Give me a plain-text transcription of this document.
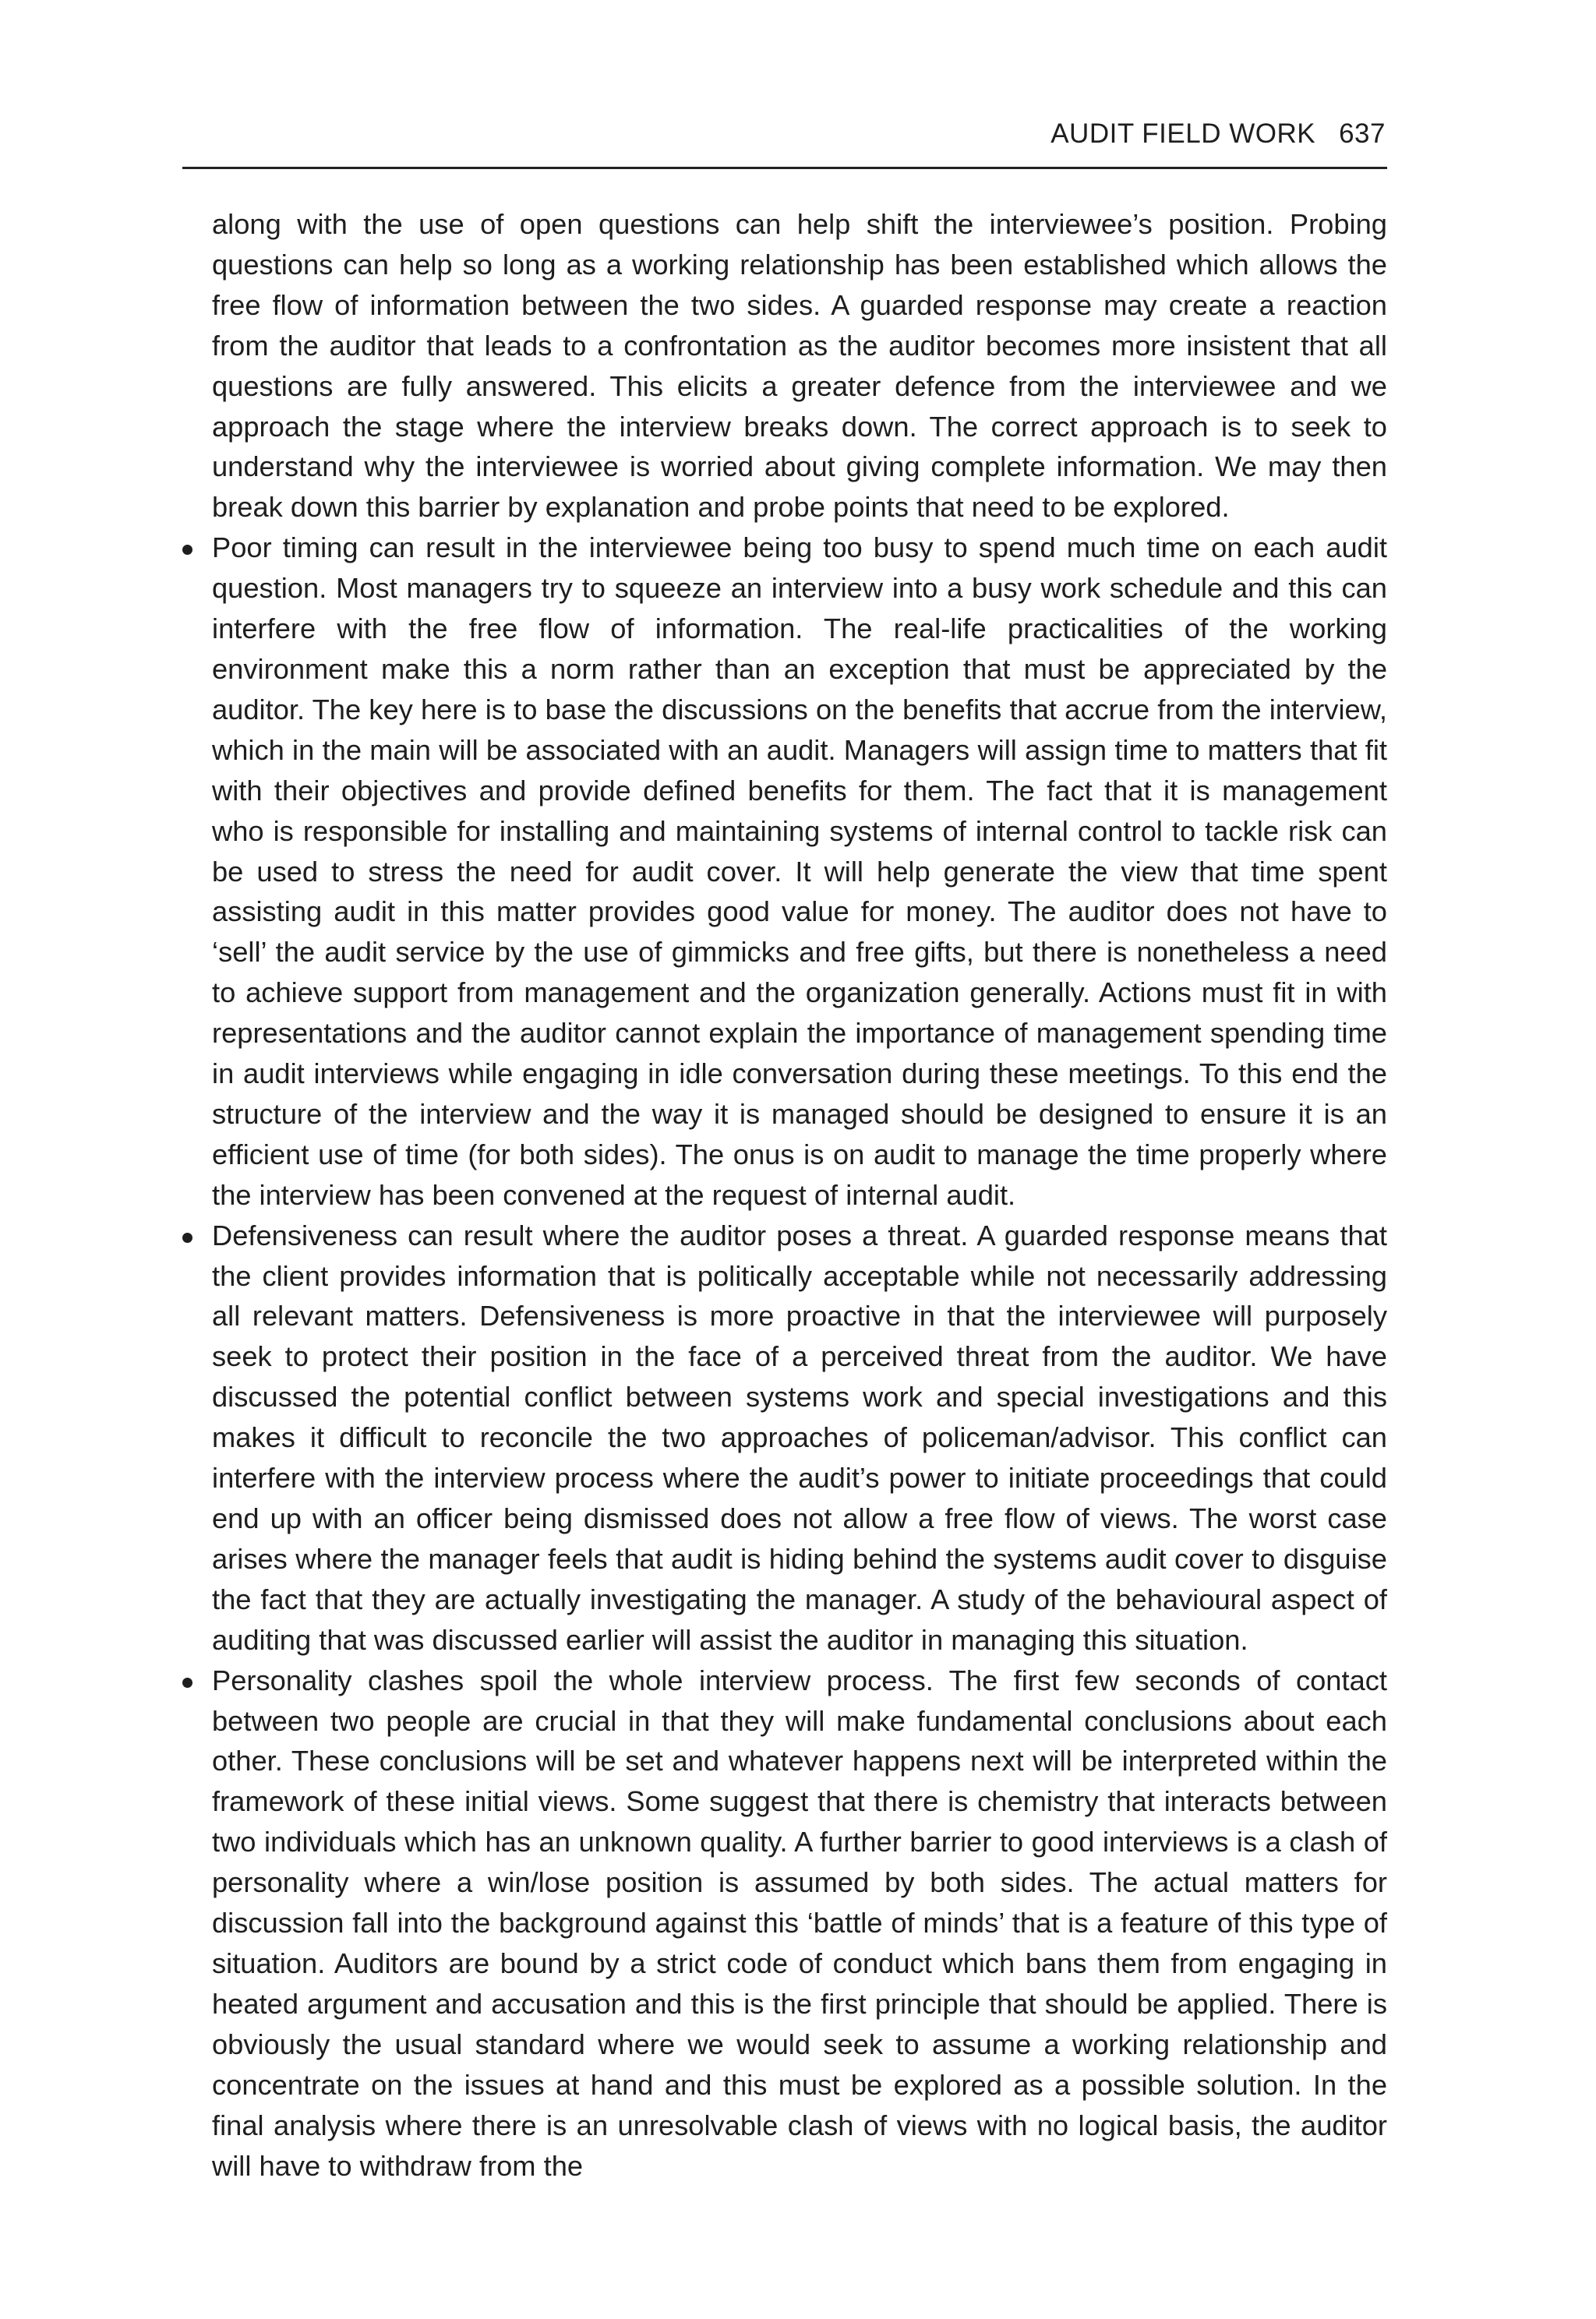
AUDIT FIELD WORK 637

along with the use of open questions can help shift the interviewee’s position. Probing questions can help so long as a working relationship has been established which allows the free flow of information between the two sides. A guarded response may create a reaction from the auditor that leads to a confrontation as the auditor becomes more insistent that all questions are fully answered. This elicits a greater defence from the interviewee and we approach the stage where the interview breaks down. The correct approach is to seek to understand why the interviewee is worried about giving complete information. We may then break down this barrier by explanation and probe points that need to be explored.

Poor timing can result in the interviewee being too busy to spend much time on each audit question. Most managers try to squeeze an interview into a busy work schedule and this can interfere with the free flow of information. The real-life practicalities of the working environment make this a norm rather than an exception that must be appreciated by the auditor. The key here is to base the discussions on the benefits that accrue from the interview, which in the main will be associated with an audit. Managers will assign time to matters that fit with their objectives and provide defined benefits for them. The fact that it is management who is responsible for installing and maintaining systems of internal control to tackle risk can be used to stress the need for audit cover. It will help generate the view that time spent assisting audit in this matter provides good value for money. The auditor does not have to ‘sell’ the audit service by the use of gimmicks and free gifts, but there is nonetheless a need to achieve support from management and the organization generally. Actions must fit in with representations and the auditor cannot explain the importance of management spending time in audit interviews while engaging in idle conversation during these meetings. To this end the structure of the interview and the way it is managed should be designed to ensure it is an efficient use of time (for both sides). The onus is on audit to manage the time properly where the interview has been convened at the request of internal audit.
Defensiveness can result where the auditor poses a threat. A guarded response means that the client provides information that is politically acceptable while not necessarily addressing all relevant matters. Defensiveness is more proactive in that the interviewee will purposely seek to protect their position in the face of a perceived threat from the auditor. We have discussed the potential conflict between systems work and special investigations and this makes it difficult to reconcile the two approaches of policeman/advisor. This conflict can interfere with the interview process where the audit’s power to initiate proceedings that could end up with an officer being dismissed does not allow a free flow of views. The worst case arises where the manager feels that audit is hiding behind the systems audit cover to disguise the fact that they are actually investigating the manager. A study of the behavioural aspect of auditing that was discussed earlier will assist the auditor in managing this situation.
Personality clashes spoil the whole interview process. The first few seconds of contact between two people are crucial in that they will make fundamental conclusions about each other. These conclusions will be set and whatever happens next will be interpreted within the framework of these initial views. Some suggest that there is chemistry that interacts between two individuals which has an unknown quality. A further barrier to good interviews is a clash of personality where a win/lose position is assumed by both sides. The actual matters for discussion fall into the background against this ‘battle of minds’ that is a feature of this type of situation. Auditors are bound by a strict code of conduct which bans them from engaging in heated argument and accusation and this is the first principle that should be applied. There is obviously the usual standard where we would seek to assume a working relationship and concentrate on the issues at hand and this must be explored as a possible solution. In the final analysis where there is an unresolvable clash of views with no logical basis, the auditor will have to withdraw from the
